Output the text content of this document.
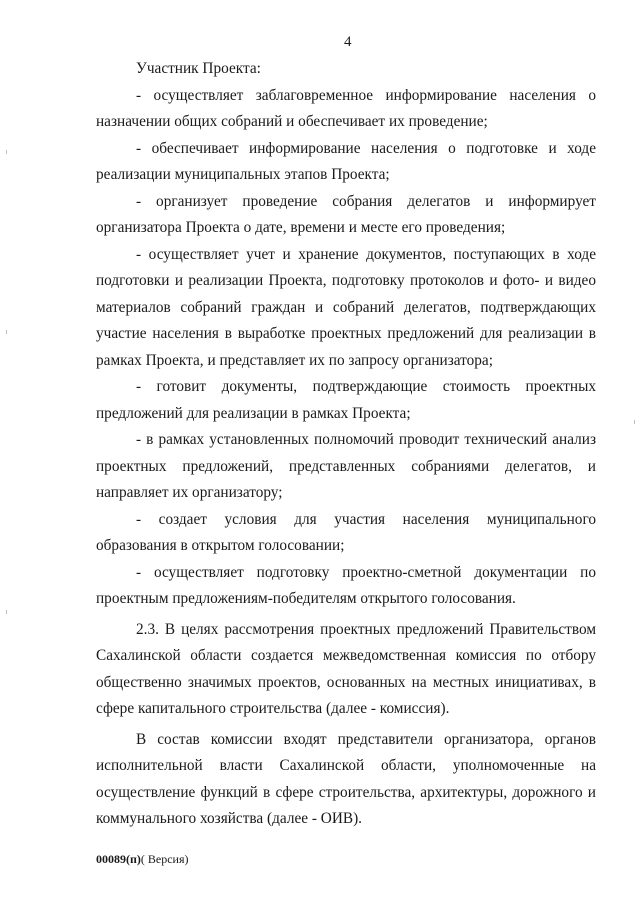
4

Участник Проекта:

- осуществляет заблаговременное информирование населения о назначении общих собраний и обеспечивает их проведение;

- обеспечивает информирование населения о подготовке и ходе реализации муниципальных этапов Проекта;

- организует проведение собрания делегатов и информирует организатора Проекта о дате, времени и месте его проведения;

- осуществляет учет и хранение документов, поступающих в ходе подготовки и реализации Проекта, подготовку протоколов и фото- и видео материалов собраний граждан и собраний делегатов, подтверждающих участие населения в выработке проектных предложений для реализации в рамках Проекта, и представляет их по запросу организатора;

- готовит документы, подтверждающие стоимость проектных предложений для реализации в рамках Проекта;

- в рамках установленных полномочий проводит технический анализ проектных предложений, представленных собраниями делегатов, и направляет их организатору;

- создает условия для участия населения муниципального образования в открытом голосовании;

- осуществляет подготовку проектно-сметной документации по проектным предложениям-победителям открытого голосования.

2.3. В целях рассмотрения проектных предложений Правительством Сахалинской области создается межведомственная комиссия по отбору общественно значимых проектов, основанных на местных инициативах, в сфере капитального строительства (далее - комиссия).

В состав комиссии входят представители организатора, органов исполнительной власти Сахалинской области, уполномоченные на осуществление функций в сфере строительства, архитектуры, дорожного и коммунального хозяйства (далее - ОИВ).

00089(п)( Версия)
